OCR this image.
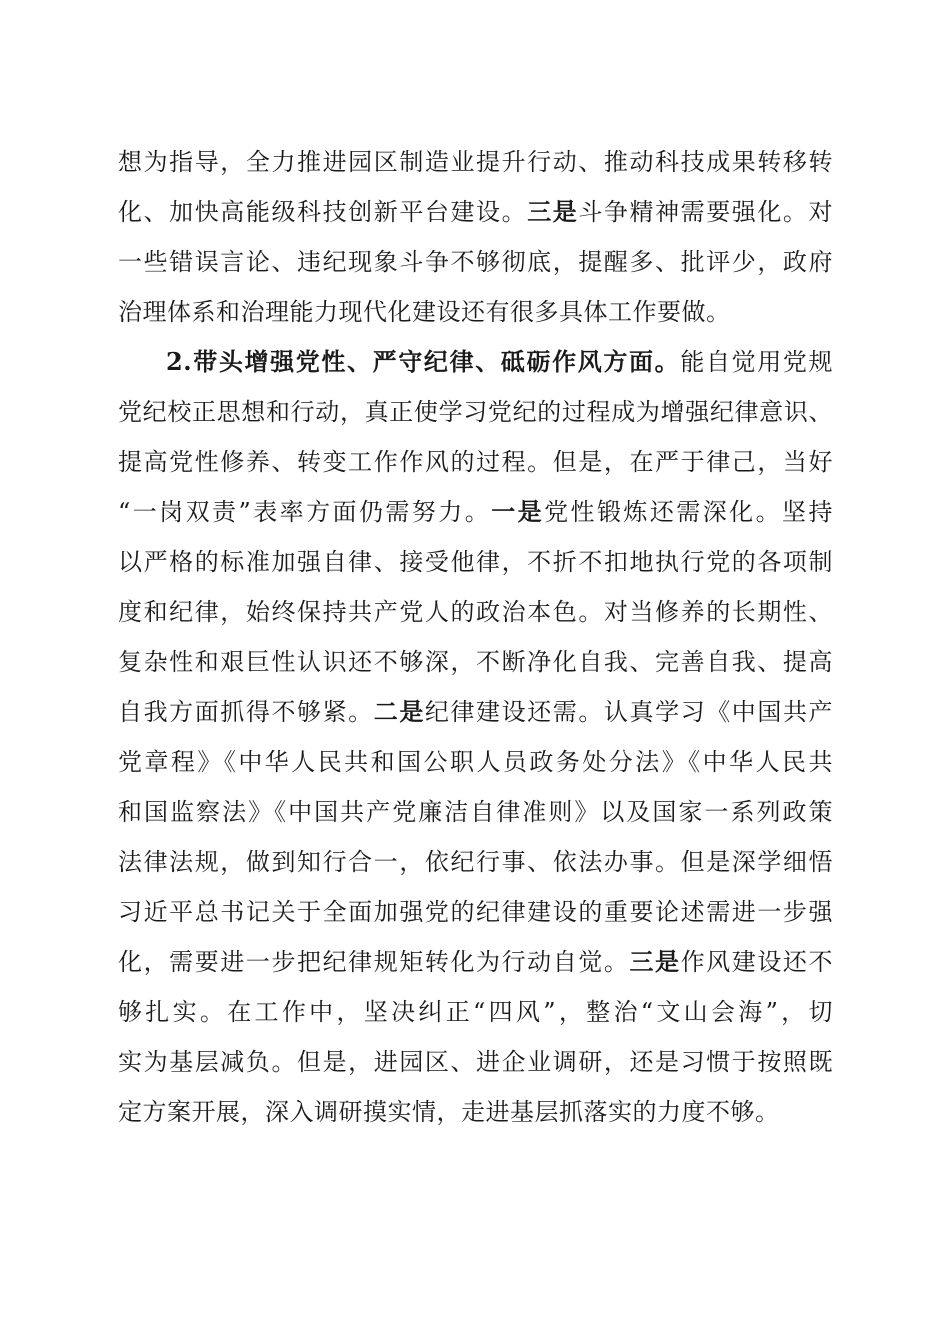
想为指导，全力推进园区制造业提升行动、推动科技成果转移转
化、加快高能级科技创新平台建设。三是斗争精神需要强化。对
一些错误言论、违纪现象斗争不够彻底，提醒多、批评少，政府
治理体系和治理能力现代化建设还有很多具体工作要做。
2.带头增强党性、严守纪律、砥砺作风方面。能自觉用党规
党纪校正思想和行动，真正使学习党纪的过程成为增强纪律意识、
提高党性修养、转变工作作风的过程。但是，在严于律己，当好
“一岗双责”表率方面仍需努力。一是党性锻炼还需深化。坚持
以严格的标准加强自律、接受他律，不折不扣地执行党的各项制
度和纪律，始终保持共产党人的政治本色。对当修养的长期性、
复杂性和艰巨性认识还不够深，不断净化自我、完善自我、提高
自我方面抓得不够紧。二是纪律建设还需。认真学习《中国共产
党章程》《中华人民共和国公职人员政务处分法》《中华人民共
和国监察法》《中国共产党廉洁自律准则》以及国家一系列政策
法律法规，做到知行合一，依纪行事、依法办事。但是深学细悟
习近平总书记关于全面加强党的纪律建设的重要论述需进一步强
化，需要进一步把纪律规矩转化为行动自觉。三是作风建设还不
够扎实。在工作中，坚决纠正“四风”，整治“文山会海”，切
实为基层减负。但是，进园区、进企业调研，还是习惯于按照既
定方案开展，深入调研摸实情，走进基层抓落实的力度不够。
